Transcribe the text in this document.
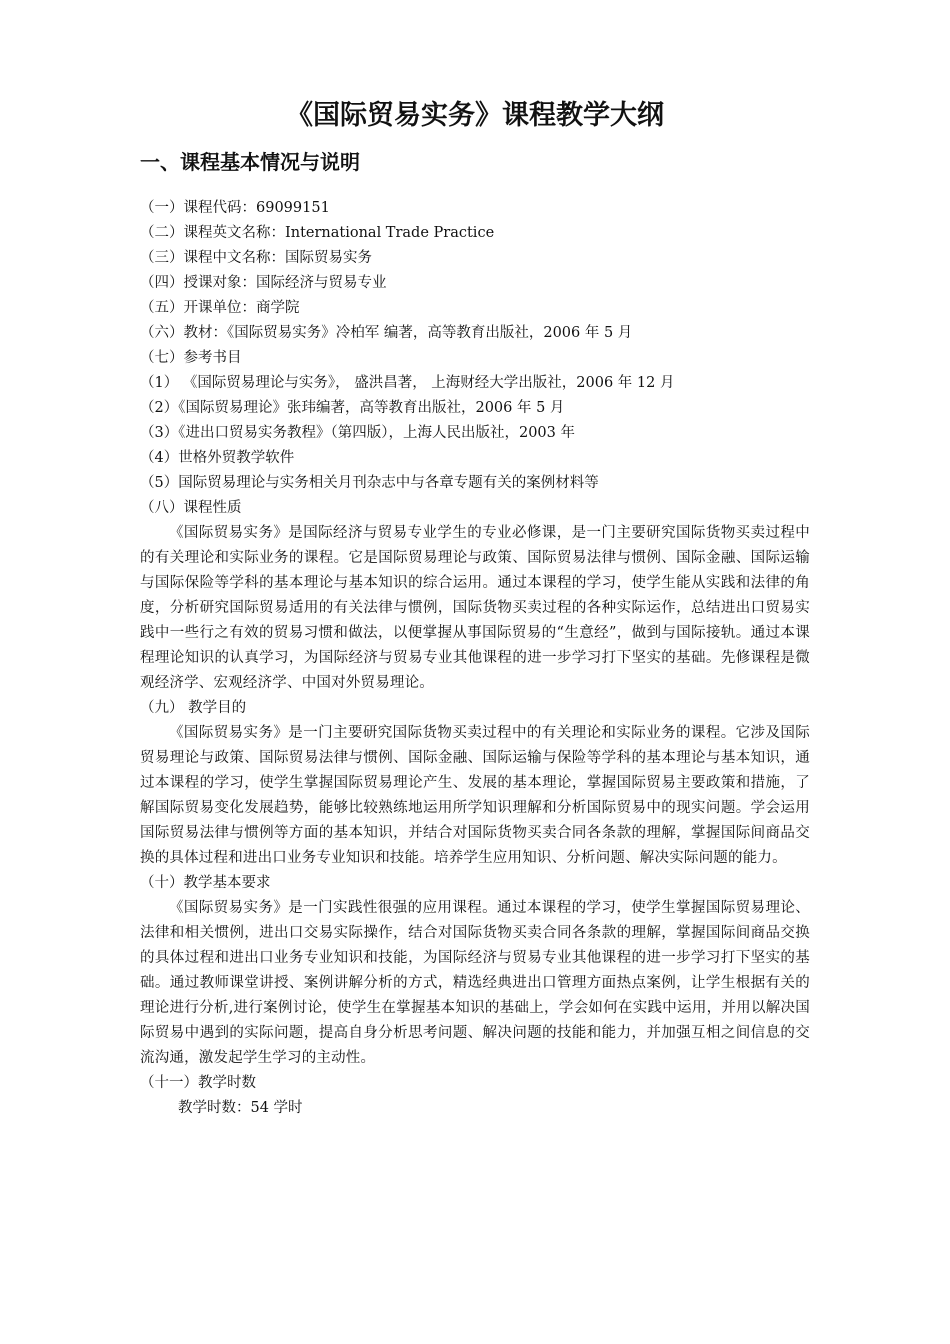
《国际贸易实务》课程教学大纲
一、课程基本情况与说明

（一）课程代码：69099151

（二）课程英文名称：International Trade Practice

（三）课程中文名称：国际贸易实务

（四）授课对象：国际经济与贸易专业

（五）开课单位：商学院

（六）教材：《国际贸易实务》冷柏军 编著，高等教育出版社，2006 年 5 月

（七）参考书目

（1） 《国际贸易理论与实务》， 盛洪昌著， 上海财经大学出版社，2006 年 12 月

（2）《国际贸易理论》张玮编著，高等教育出版社，2006 年 5 月

（3）《进出口贸易实务教程》（第四版），上海人民出版社，2003 年

（4）世格外贸教学软件

（5）国际贸易理论与实务相关月刊杂志中与各章专题有关的案例材料等

（八）课程性质

《国际贸易实务》是国际经济与贸易专业学生的专业必修课，是一门主要研究国际货物买卖过程中的有关理论和实际业务的课程。它是国际贸易理论与政策、国际贸易法律与惯例、国际金融、国际运输与国际保险等学科的基本理论与基本知识的综合运用。通过本课程的学习，使学生能从实践和法律的角度，分析研究国际贸易适用的有关法律与惯例，国际货物买卖过程的各种实际运作，总结进出口贸易实践中一些行之有效的贸易习惯和做法，以便掌握从事国际贸易的“生意经”，做到与国际接轨。通过本课程理论知识的认真学习，为国际经济与贸易专业其他课程的进一步学习打下坚实的基础。先修课程是微观经济学、宏观经济学、中国对外贸易理论。

（九） 教学目的

《国际贸易实务》是一门主要研究国际货物买卖过程中的有关理论和实际业务的课程。它涉及国际贸易理论与政策、国际贸易法律与惯例、国际金融、国际运输与保险等学科的基本理论与基本知识，通过本课程的学习，使学生掌握国际贸易理论产生、发展的基本理论，掌握国际贸易主要政策和措施，了解国际贸易变化发展趋势，能够比较熟练地运用所学知识理解和分析国际贸易中的现实问题。学会运用国际贸易法律与惯例等方面的基本知识，并结合对国际货物买卖合同各条款的理解，掌握国际间商品交换的具体过程和进出口业务专业知识和技能。培养学生应用知识、分析问题、解决实际问题的能力。

（十）教学基本要求

《国际贸易实务》是一门实践性很强的应用课程。通过本课程的学习，使学生掌握国际贸易理论、法律和相关惯例，进出口交易实际操作，结合对国际货物买卖合同各条款的理解，掌握国际间商品交换的具体过程和进出口业务专业知识和技能，为国际经济与贸易专业其他课程的进一步学习打下坚实的基础。通过教师课堂讲授、案例讲解分析的方式，精选经典进出口管理方面热点案例，让学生根据有关的理论进行分析,进行案例讨论，使学生在掌握基本知识的基础上，学会如何在实践中运用，并用以解决国际贸易中遇到的实际问题，提高自身分析思考问题、解决问题的技能和能力，并加强互相之间信息的交流沟通，激发起学生学习的主动性。

（十一）教学时数

教学时数：54 学时
